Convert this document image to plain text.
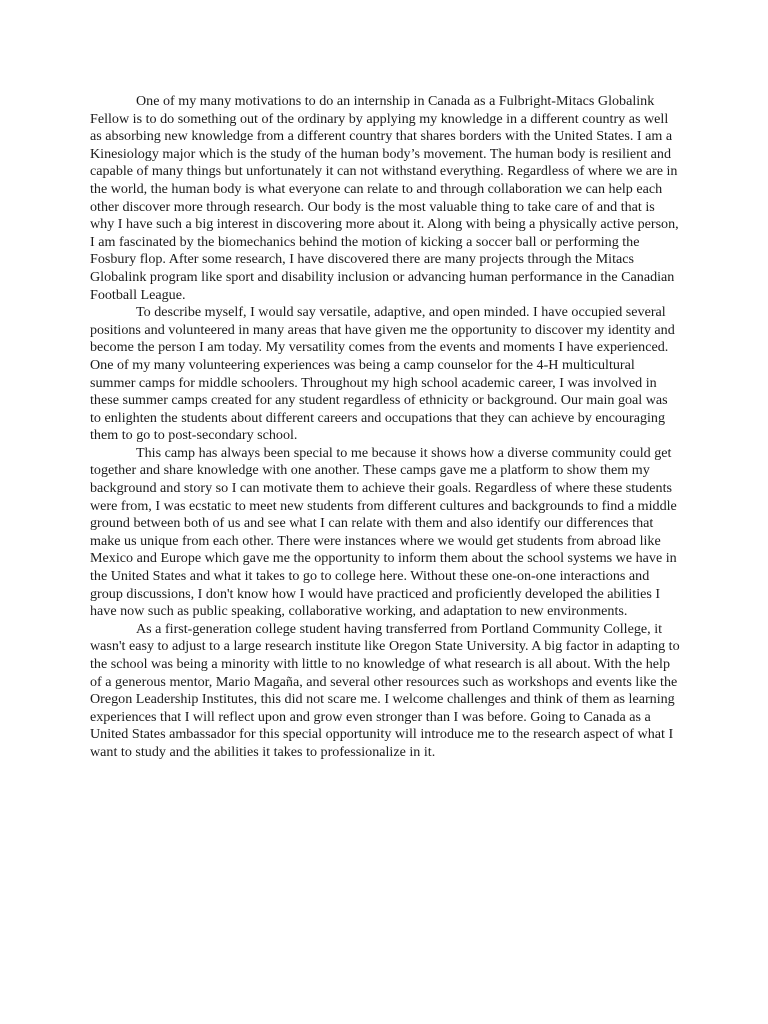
One of my many motivations to do an internship in Canada as a Fulbright-Mitacs Globalink Fellow is to do something out of the ordinary by applying my knowledge in a different country as well as absorbing new knowledge from a different country that shares borders with the United States. I am a Kinesiology major which is the study of the human body’s movement. The human body is resilient and capable of many things but unfortunately it can not withstand everything. Regardless of where we are in the world, the human body is what everyone can relate to and through collaboration we can help each other discover more through research. Our body is the most valuable thing to take care of and that is why I have such a big interest in discovering more about it. Along with being a physically active person, I am fascinated by the biomechanics behind the motion of kicking a soccer ball or performing the Fosbury flop. After some research, I have discovered there are many projects through the Mitacs Globalink program like sport and disability inclusion or advancing human performance in the Canadian Football League.

To describe myself, I would say versatile, adaptive, and open minded. I have occupied several positions and volunteered in many areas that have given me the opportunity to discover my identity and become the person I am today. My versatility comes from the events and moments I have experienced. One of my many volunteering experiences was being a camp counselor for the 4-H multicultural summer camps for middle schoolers. Throughout my high school academic career, I was involved in these summer camps created for any student regardless of ethnicity or background. Our main goal was to enlighten the students about different careers and occupations that they can achieve by encouraging them to go to post-secondary school.

This camp has always been special to me because it shows how a diverse community could get together and share knowledge with one another. These camps gave me a platform to show them my background and story so I can motivate them to achieve their goals. Regardless of where these students were from, I was ecstatic to meet new students from different cultures and backgrounds to find a middle ground between both of us and see what I can relate with them and also identify our differences that make us unique from each other. There were instances where we would get students from abroad like Mexico and Europe which gave me the opportunity to inform them about the school systems we have in the United States and what it takes to go to college here. Without these one-on-one interactions and group discussions, I don't know how I would have practiced and proficiently developed the abilities I have now such as public speaking, collaborative working, and adaptation to new environments.

As a first-generation college student having transferred from Portland Community College, it wasn't easy to adjust to a large research institute like Oregon State University. A big factor in adapting to the school was being a minority with little to no knowledge of what research is all about. With the help of a generous mentor, Mario Magaña, and several other resources such as workshops and events like the Oregon Leadership Institutes, this did not scare me. I welcome challenges and think of them as learning experiences that I will reflect upon and grow even stronger than I was before. Going to Canada as a United States ambassador for this special opportunity will introduce me to the research aspect of what I want to study and the abilities it takes to professionalize in it.
